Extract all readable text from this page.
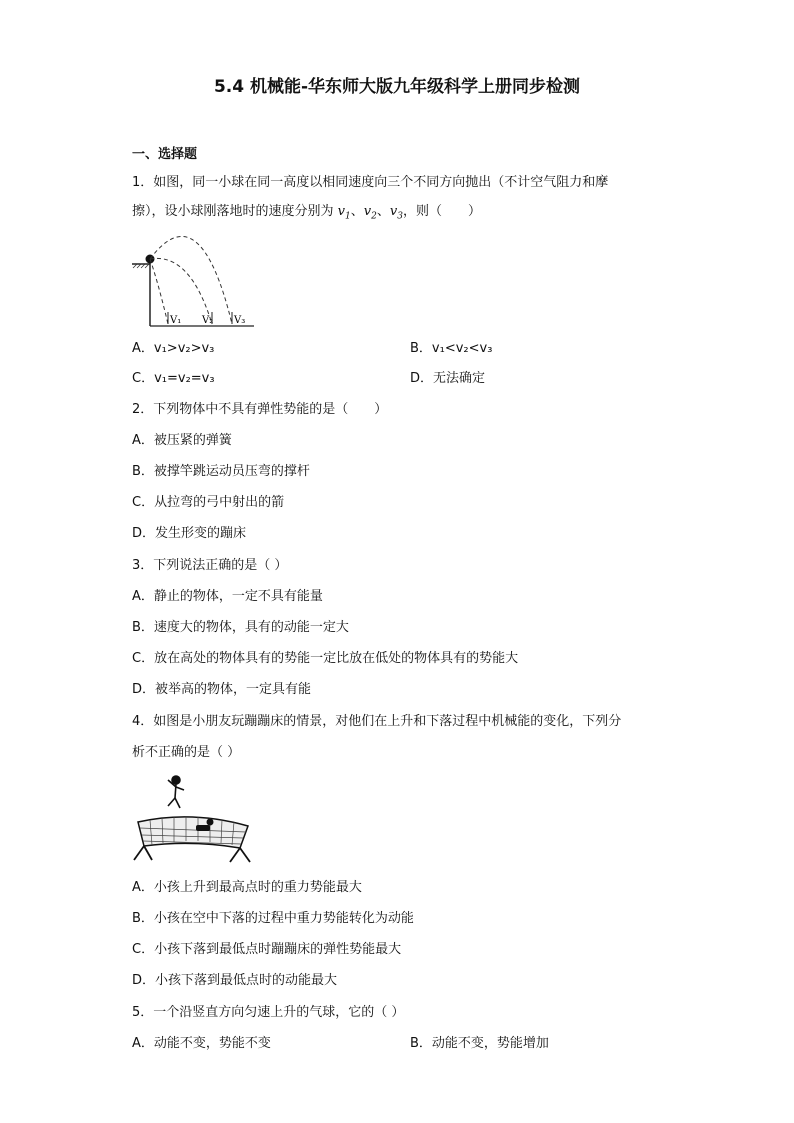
5.4 机械能-华东师大版九年级科学上册同步检测
一、选择题
1．如图，同一小球在同一高度以相同速度向三个不同方向抛出（不计空气阻力和摩
擦），设小球刚落地时的速度分别为 $v_1$、$v_2$、$v_3$，则（　　）
V₁ V₂ V₃
A．v₁>v₂>v₃	B．v₁<v₂<v₃
C．v₁=v₂=v₃	D．无法确定
2．下列物体中不具有弹性势能的是（　　）
A．被压紧的弹簧
B．被撑竿跳运动员压弯的撑杆
C．从拉弯的弓中射出的箭
D．发生形变的蹦床
3．下列说法正确的是（ ）
A．静止的物体，一定不具有能量
B．速度大的物体，具有的动能一定大
C．放在高处的物体具有的势能一定比放在低处的物体具有的势能大
D．被举高的物体，一定具有能
4．如图是小朋友玩蹦蹦床的情景，对他们在上升和下落过程中机械能的变化，下列分
析不正确的是（ ）
A．小孩上升到最高点时的重力势能最大
B．小孩在空中下落的过程中重力势能转化为动能
C．小孩下落到最低点时蹦蹦床的弹性势能最大
D．小孩下落到最低点时的动能最大
5．一个沿竖直方向匀速上升的气球，它的（ ）
A．动能不变，势能不变	B．动能不变，势能增加
